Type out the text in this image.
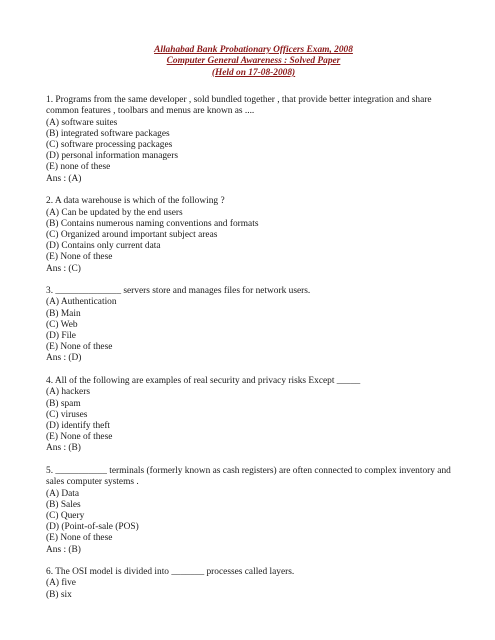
Allahabad Bank Probationary Officers Exam, 2008
Computer General Awareness : Solved Paper
(Held on 17-08-2008)
1. Programs from the same developer , sold bundled together , that provide better integration and share common features , toolbars and menus are known as ....
(A) software suites
(B) integrated software packages
(C) software processing packages
(D) personal information managers
(E) none of these
Ans : (A)
2. A data warehouse is which of the following ?
(A) Can be updated by the end users
(B) Contains numerous naming conventions and formats
(C) Organized around important subject areas
(D) Contains only current data
(E) None of these
Ans : (C)
3. ______________ servers store and manages files for network users.
(A) Authentication
(B) Main
(C) Web
(D) File
(E) None of these
Ans : (D)
4. All of the following are examples of real security and privacy risks Except _____
(A) hackers
(B) spam
(C) viruses
(D) identify theft
(E) None of these
Ans : (B)
5. ___________ terminals (formerly known as cash registers) are often connected to complex inventory and sales computer systems .
(A) Data
(B) Sales
(C) Query
(D) (Point-of-sale (POS)
(E) None of these
Ans : (B)
6. The OSI model is divided into _______ processes called layers.
(A) five
(B) six
